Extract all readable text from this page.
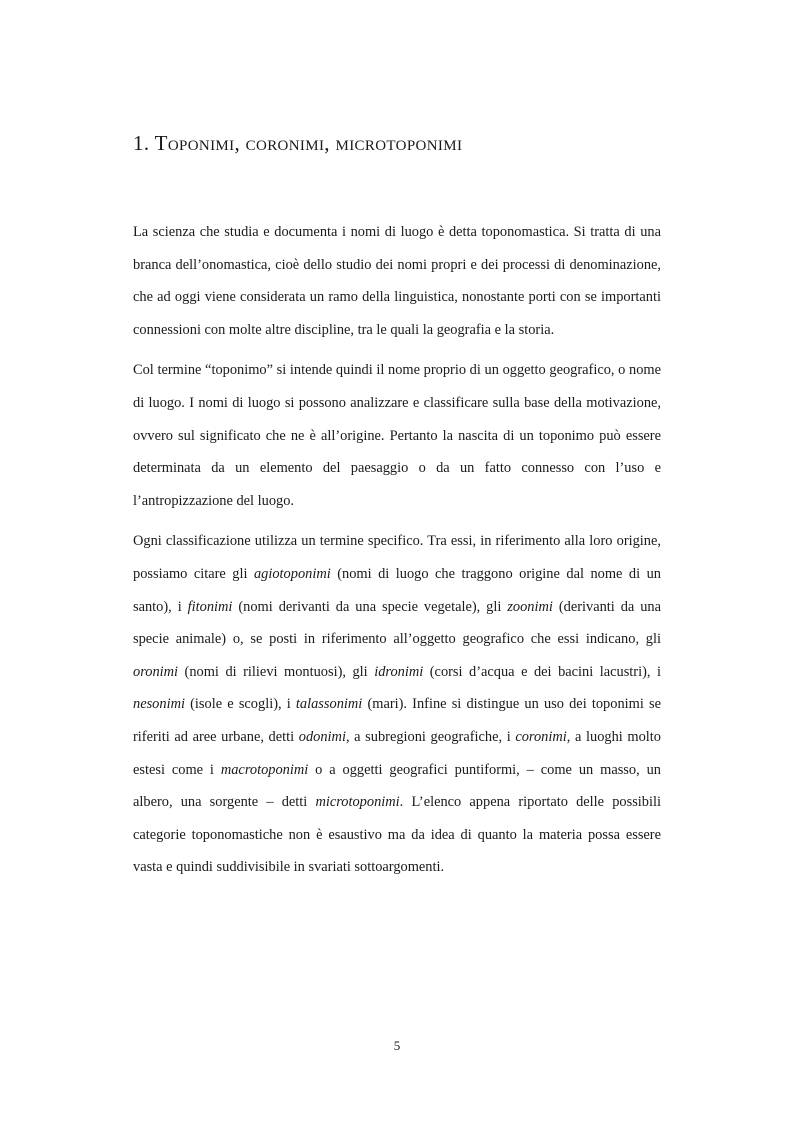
1. Toponimi, coronimi, microtoponimi

La scienza che studia e documenta i nomi di luogo è detta toponomastica. Si tratta di una branca dell’onomastica, cioè dello studio dei nomi propri e dei processi di denominazione, che ad oggi viene considerata un ramo della linguistica, nonostante porti con se importanti connessioni con molte altre discipline, tra le quali la geografia e la storia.

Col termine “toponimo” si intende quindi il nome proprio di un oggetto geografico, o nome di luogo. I nomi di luogo si possono analizzare e classificare sulla base della motivazione, ovvero sul significato che ne è all’origine. Pertanto la nascita di un toponimo può essere determinata da un elemento del paesaggio o da un fatto connesso con l’uso e l’antropizzazione del luogo.

Ogni classificazione utilizza un termine specifico. Tra essi, in riferimento alla loro origine, possiamo citare gli agiotoponimi (nomi di luogo che traggono origine dal nome di un santo), i fitonimi (nomi derivanti da una specie vegetale), gli zoonimi (derivanti da una specie animale) o, se posti in riferimento all’oggetto geografico che essi indicano, gli oronimi (nomi di rilievi montuosi), gli idronimi (corsi d’acqua e dei bacini lacustri), i nesonimi (isole e scogli), i talassonimi (mari). Infine si distingue un uso dei toponimi se riferiti ad aree urbane, detti odonimi, a subregioni geografiche, i coronimi, a luoghi molto estesi come i macrotoponimi o a oggetti geografici puntiformi, – come un masso, un albero, una sorgente – detti microtoponimi. L’elenco appena riportato delle possibili categorie toponomastiche non è esaustivo ma da idea di quanto la materia possa essere vasta e quindi suddivisibile in svariati sottoargomenti.

5
